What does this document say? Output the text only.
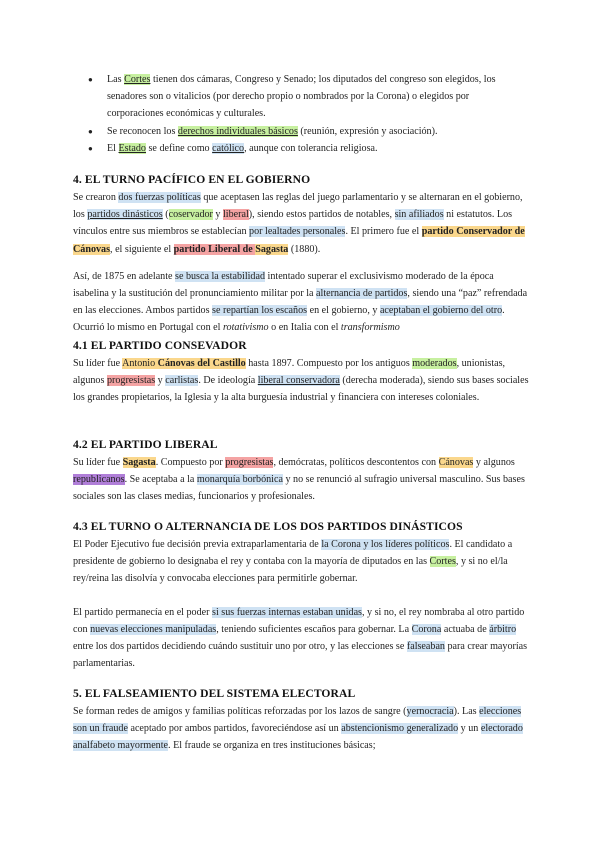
● Las Cortes tienen dos cámaras, Congreso y Senado; los diputados del congreso son elegidos, los senadores son o vitalicios (por derecho propio o nombrados por la Corona) o elegidos por corporaciones económicas y culturales.
● Se reconocen los derechos individuales básicos (reunión, expresión y asociación).
● El Estado se define como católico, aunque con tolerancia religiosa.
4. EL TURNO PACÍFICO EN EL GOBIERNO

Se crearon dos fuerzas políticas que aceptasen las reglas del juego parlamentario y se alternaran en el gobierno, los partidos dinásticos (coservador y liberal), siendo estos partidos de notables, sin afiliados ni estatutos. Los vínculos entre sus miembros se establecían por lealtades personales. El primero fue el partido Conservador de Cánovas, el siguiente el partido Liberal de Sagasta (1880).

Así, de 1875 en adelante se busca la estabilidad intentado superar el exclusivismo moderado de la época isabelina y la sustitución del pronunciamiento militar por la alternancia de partidos, siendo una “paz” refrendada en las elecciones. Ambos partidos se repartían los escaños en el gobierno, y aceptaban el gobierno del otro. Ocurrió lo mismo en Portugal con el rotativismo o en Italia con el transformismo

4.1 EL PARTIDO CONSEVADOR

Su líder fue Antonio Cánovas del Castillo hasta 1897. Compuesto por los antiguos moderados, unionistas, algunos progresistas y carlistas. De ideología liberal conservadora (derecha moderada), siendo sus bases sociales los grandes propietarios, la Iglesia y la alta burguesía industrial y financiera con intereses coloniales.

4.2 EL PARTIDO LIBERAL

Su líder fue Sagasta. Compuesto por progresistas, demócratas, políticos descontentos con Cánovas y algunos republicanos. Se aceptaba a la monarquía borbónica y no se renunció al sufragio universal masculino. Sus bases sociales son las clases medias, funcionarios y profesionales.

4.3 EL TURNO O ALTERNANCIA DE LOS DOS PARTIDOS DINÁSTICOS

El Poder Ejecutivo fue decisión previa extraparlamentaria de la Corona y los líderes políticos. El candidato a presidente de gobierno lo designaba el rey y contaba con la mayoría de diputados en las Cortes, y si no el/la rey/reina las disolvía y convocaba elecciones para permitirle gobernar.

El partido permanecía en el poder si sus fuerzas internas estaban unidas, y si no, el rey nombraba al otro partido con nuevas elecciones manipuladas, teniendo suficientes escaños para gobernar. La Corona actuaba de árbitro entre los dos partidos decidiendo cuándo sustituir uno por otro, y las elecciones se falseaban para crear mayorías parlamentarias.

5. EL FALSEAMIENTO DEL SISTEMA ELECTORAL

Se forman redes de amigos y familias políticas reforzadas por los lazos de sangre (yernocracia). Las elecciones son un fraude aceptado por ambos partidos, favoreciéndose así un abstencionismo generalizado y un electorado analfabeto mayormente. El fraude se organiza en tres instituciones básicas;
